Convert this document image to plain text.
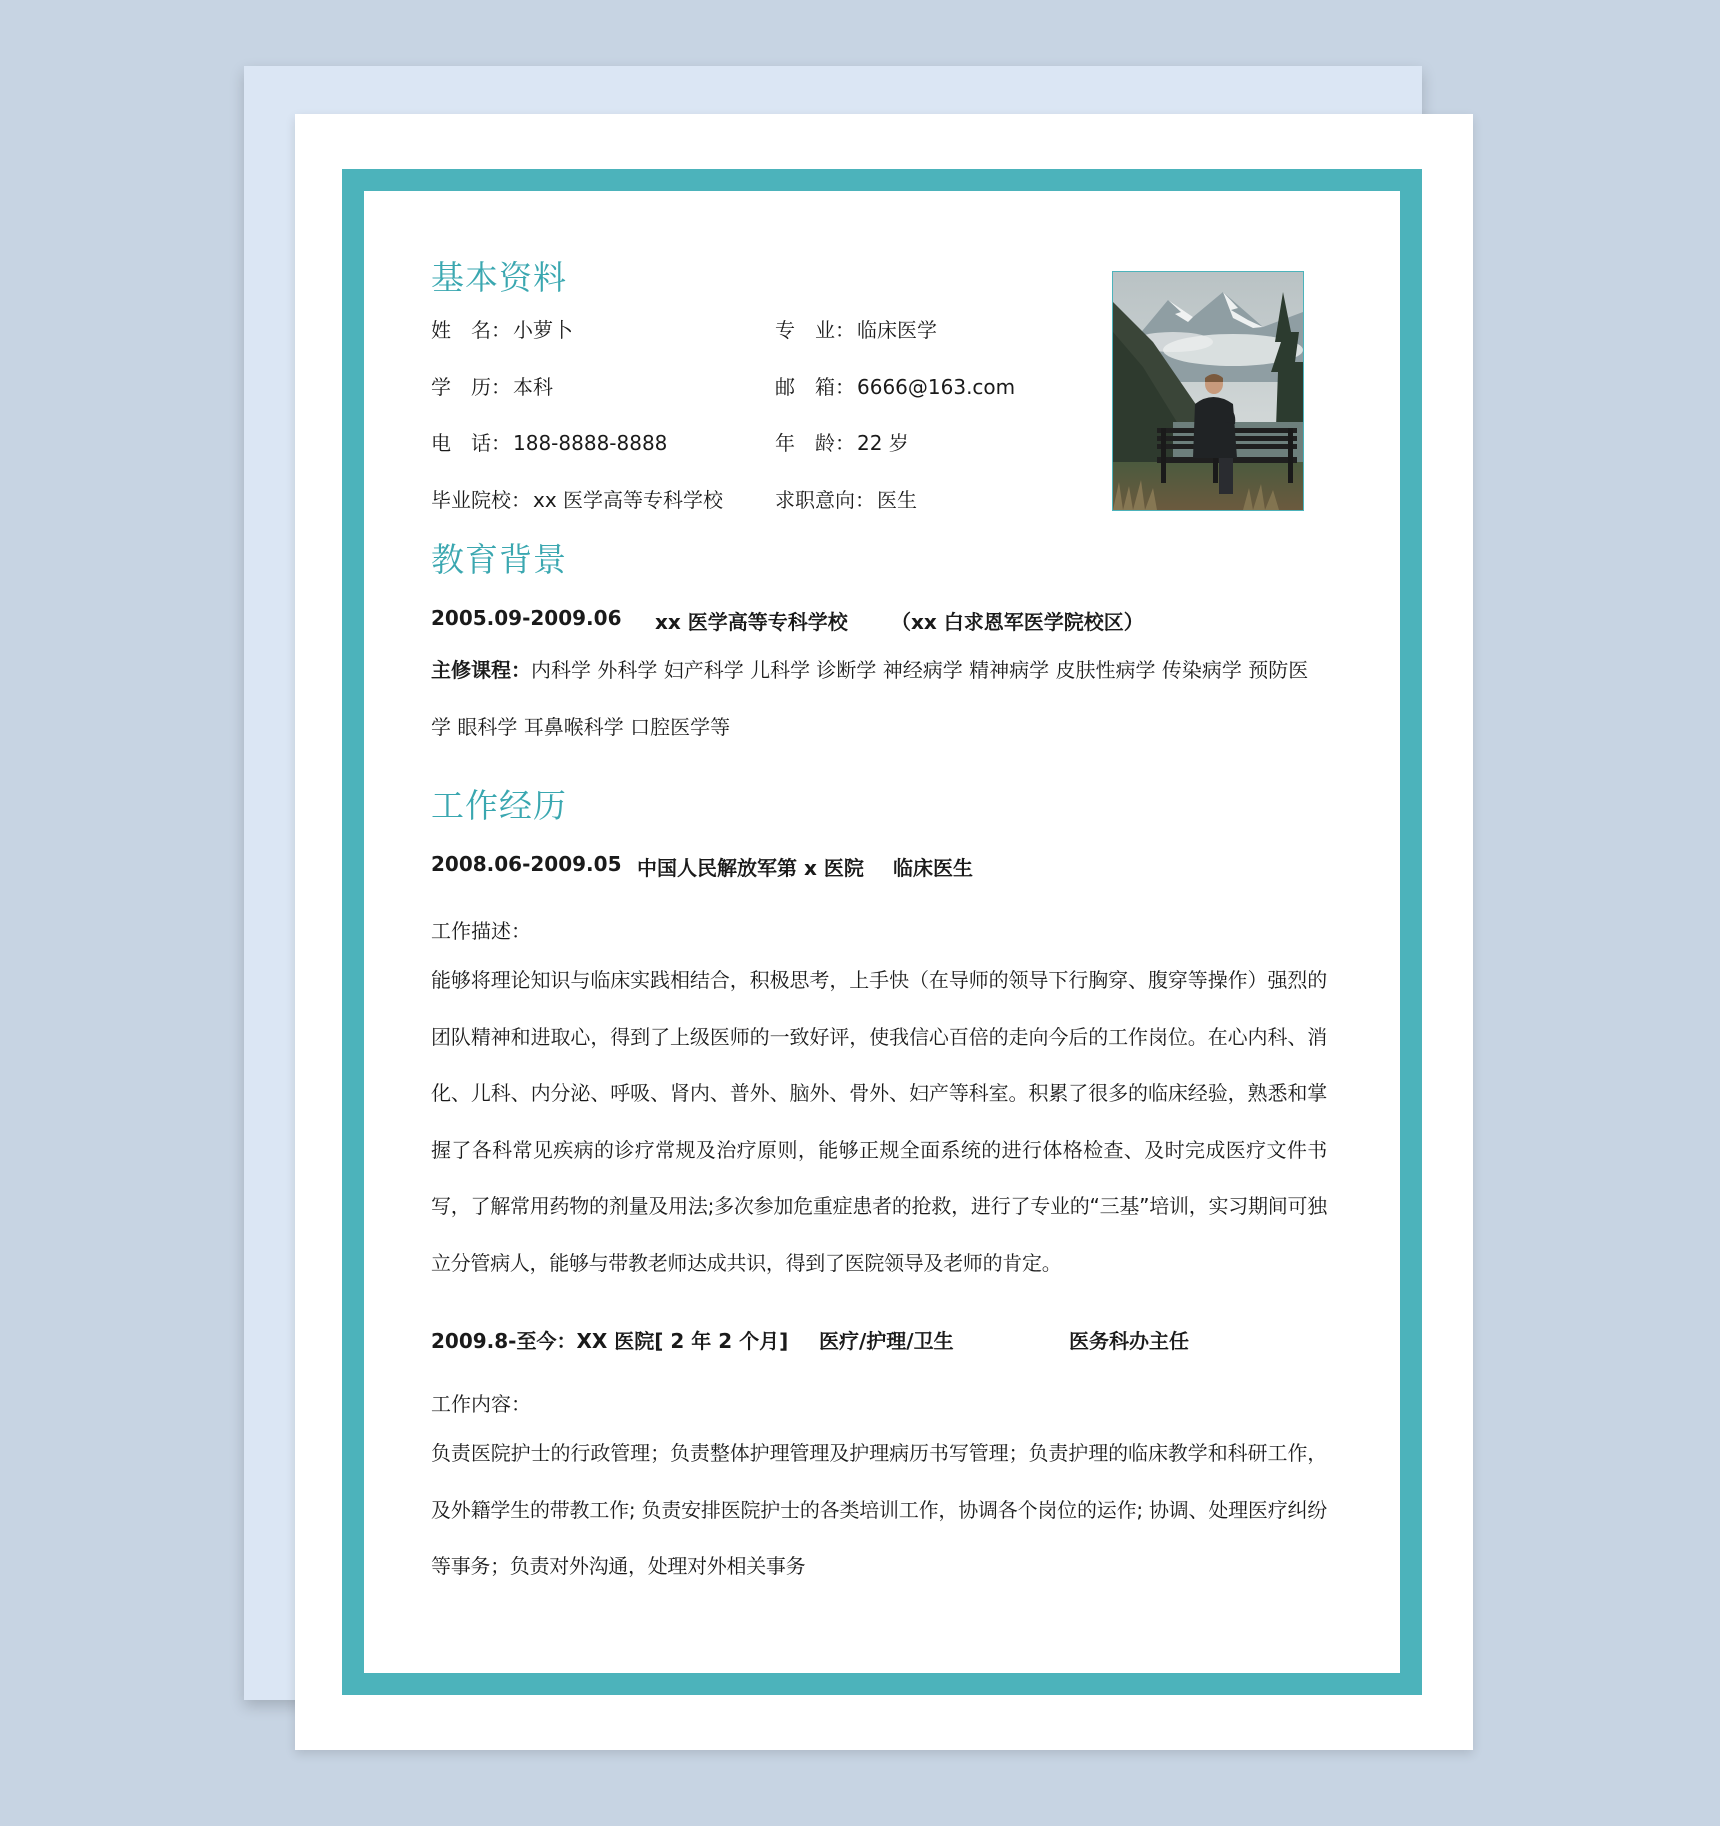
基本资料
姓名： 小萝卜	专业： 临床医学
学历： 本科	邮箱： 6666@163.com
电话： 188-8888-8888	年龄： 22 岁
毕业院校： xx 医学高等专科学校	求职意向： 医生
教育背景
2005.09-2009.06 xx 医学高等专科学校 （xx 白求恩军医学院校区）
主修课程：内科学 外科学 妇产科学 儿科学 诊断学 神经病学 精神病学 皮肤性病学 传染病学 预防医学 眼科学 耳鼻喉科学 口腔医学等
工作经历
2008.06-2009.05 中国人民解放军第 x 医院 临床医生
工作描述：
能够将理论知识与临床实践相结合，积极思考，上手快（在导师的领导下行胸穿、腹穿等操作）强烈的团队精神和进取心，得到了上级医师的一致好评，使我信心百倍的走向今后的工作岗位。在心内科、消化、儿科、内分泌、呼吸、肾内、普外、脑外、骨外、妇产等科室。积累了很多的临床经验，熟悉和掌握了各科常见疾病的诊疗常规及治疗原则，能够正规全面系统的进行体格检查、及时完成医疗文件书写，了解常用药物的剂量及用法;多次参加危重症患者的抢救，进行了专业的“三基”培训，实习期间可独立分管病人，能够与带教老师达成共识，得到了医院领导及老师的肯定。
2009.8-至今：XX 医院[ 2 年 2 个月] 医疗/护理/卫生	医务科办主任
工作内容：
负责医院护士的行政管理；负责整体护理管理及护理病历书写管理；负责护理的临床教学和科研工作，及外籍学生的带教工作; 负责安排医院护士的各类培训工作，协调各个岗位的运作; 协调、处理医疗纠纷等事务；负责对外沟通，处理对外相关事务
